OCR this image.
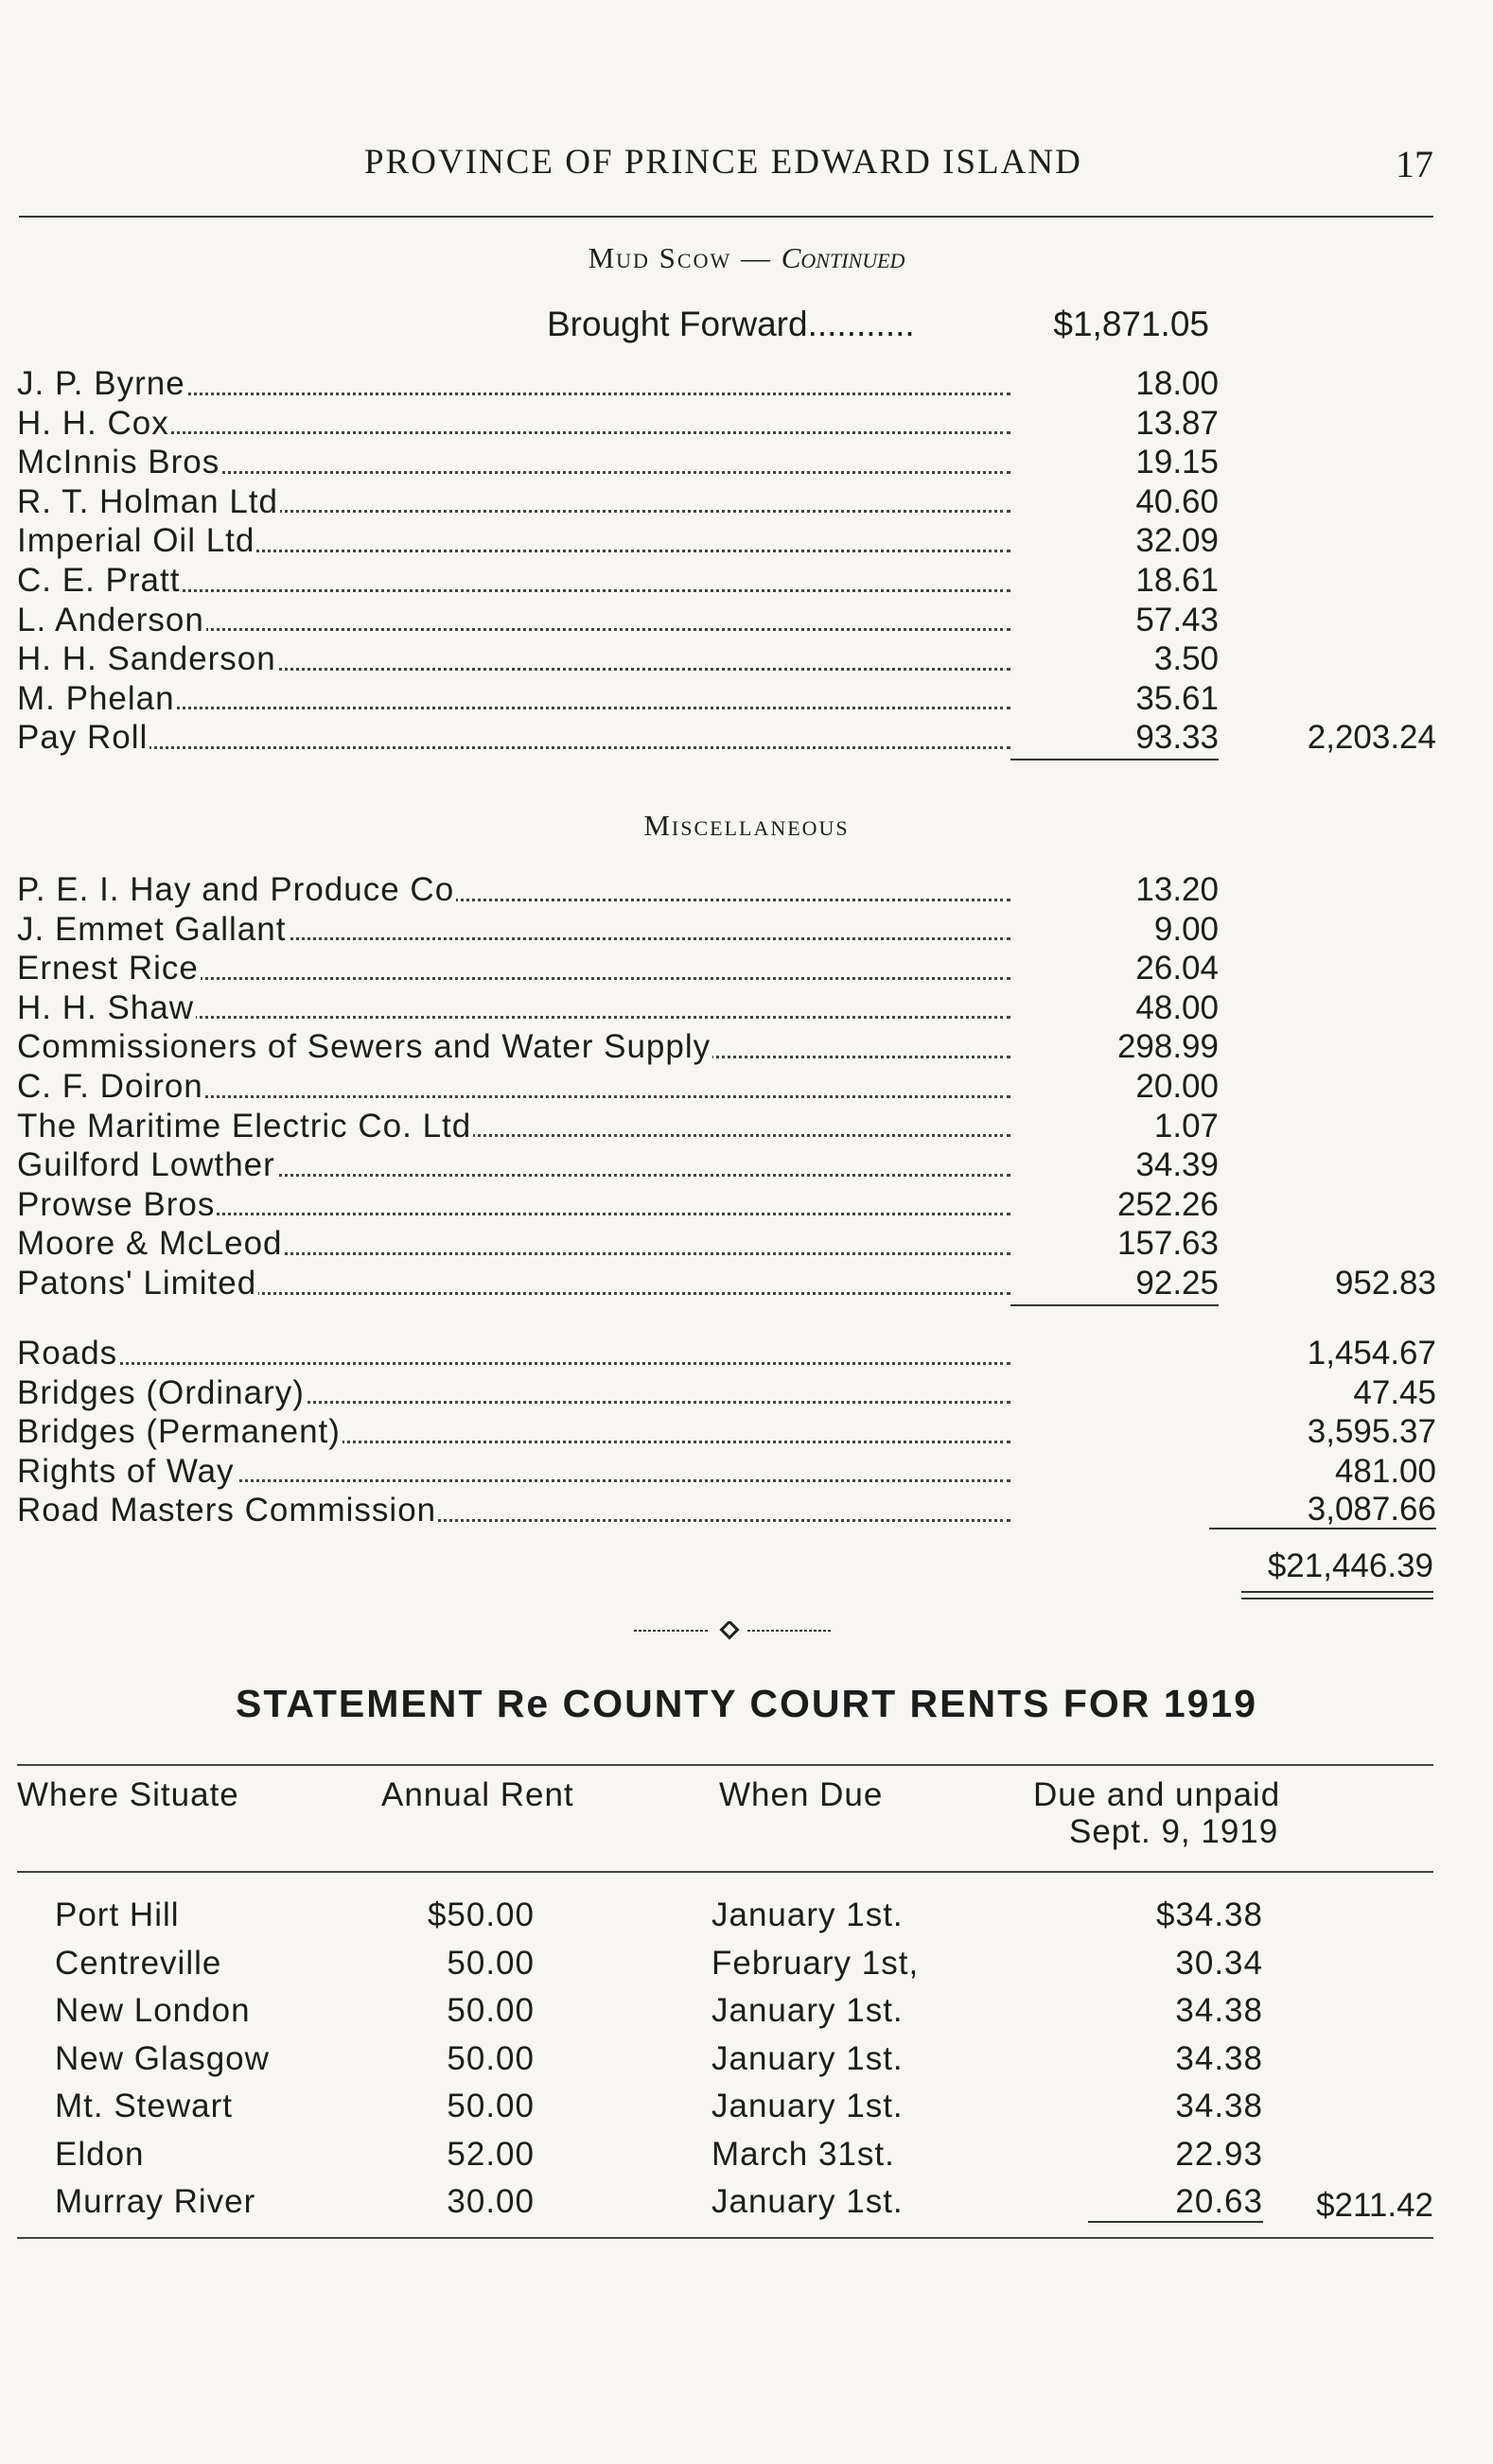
PROVINCE OF PRINCE EDWARD ISLAND	17
Mud Scow — Continued
Brought Forward...........	$1,871.05
J. P. Byrne	18.00
H. H. Cox	13.87
McInnis Bros	19.15
R. T. Holman Ltd	40.60
Imperial Oil Ltd	32.09
C. E. Pratt	18.61
L. Anderson	57.43
H. H. Sanderson	3.50
M. Phelan	35.61
Pay Roll	93.33	2,203.24
Miscellaneous
P. E. I. Hay and Produce Co	13.20
J. Emmet Gallant	9.00
Ernest Rice	26.04
H. H. Shaw	48.00
Commissioners of Sewers and Water Supply	298.99
C. F. Doiron	20.00
The Maritime Electric Co. Ltd	1.07
Guilford Lowther	34.39
Prowse Bros	252.26
Moore & McLeod	157.63
Patons' Limited	92.25	952.83
Roads	1,454.67
Bridges (Ordinary)	47.45
Bridges (Permanent)	3,595.37
Rights of Way	481.00
Road Masters Commission	3,087.66
$21,446.39
STATEMENT Re COUNTY COURT RENTS FOR 1919
Where Situate	Annual Rent	When Due	Due and unpaid
Sept. 9, 1919
Port Hill	$50.00	January 1st.	$34.38
Centreville	50.00	February 1st,	30.34
New London	50.00	January 1st.	34.38
New Glasgow	50.00	January 1st.	34.38
Mt. Stewart	50.00	January 1st.	34.38
Eldon	52.00	March 31st.	22.93
Murray River	30.00	January 1st.	20.63	$211.42
